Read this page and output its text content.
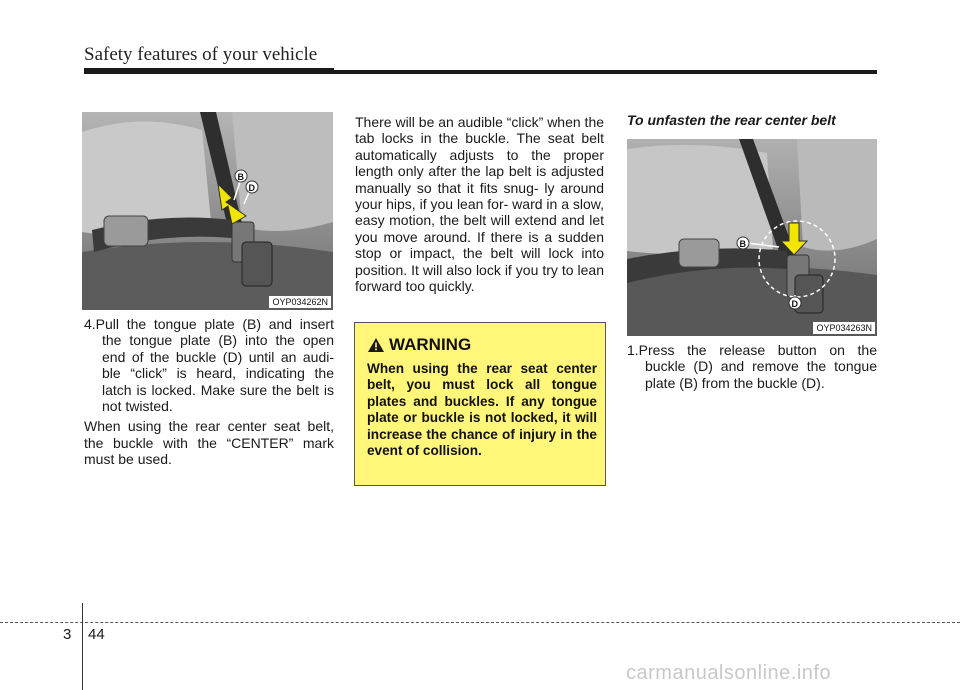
Safety features of your vehicle
B
D
OYP034262N

4.Pull the tongue plate (B) and insert the tongue plate (B) into the open end of the buckle (D) until an audi- ble “click” is heard, indicating the latch is locked. Make sure the belt is not twisted.

When using the rear center seat belt, the buckle with the “CENTER” mark must be used.

There will be an audible “click” when the tab locks in the buckle. The seat belt automatically adjusts to the proper length only after the lap belt is adjusted manually so that it fits snug- ly around your hips, if you lean for- ward in a slow, easy motion, the belt will extend and let you move around. If there is a sudden stop or impact, the belt will lock into position. It will also lock if you try to lean forward too quickly.

WARNING
When using the rear seat center belt, you must lock all tongue plates and buckles. If any tongue plate or buckle is not locked, it will increase the chance of injury in the event of collision.
To unfasten the rear center belt
B
D
OYP034263N

1.Press the release button on the buckle (D) and remove the tongue plate (B) from the buckle (D).

3 44
carmanualsonline.info
